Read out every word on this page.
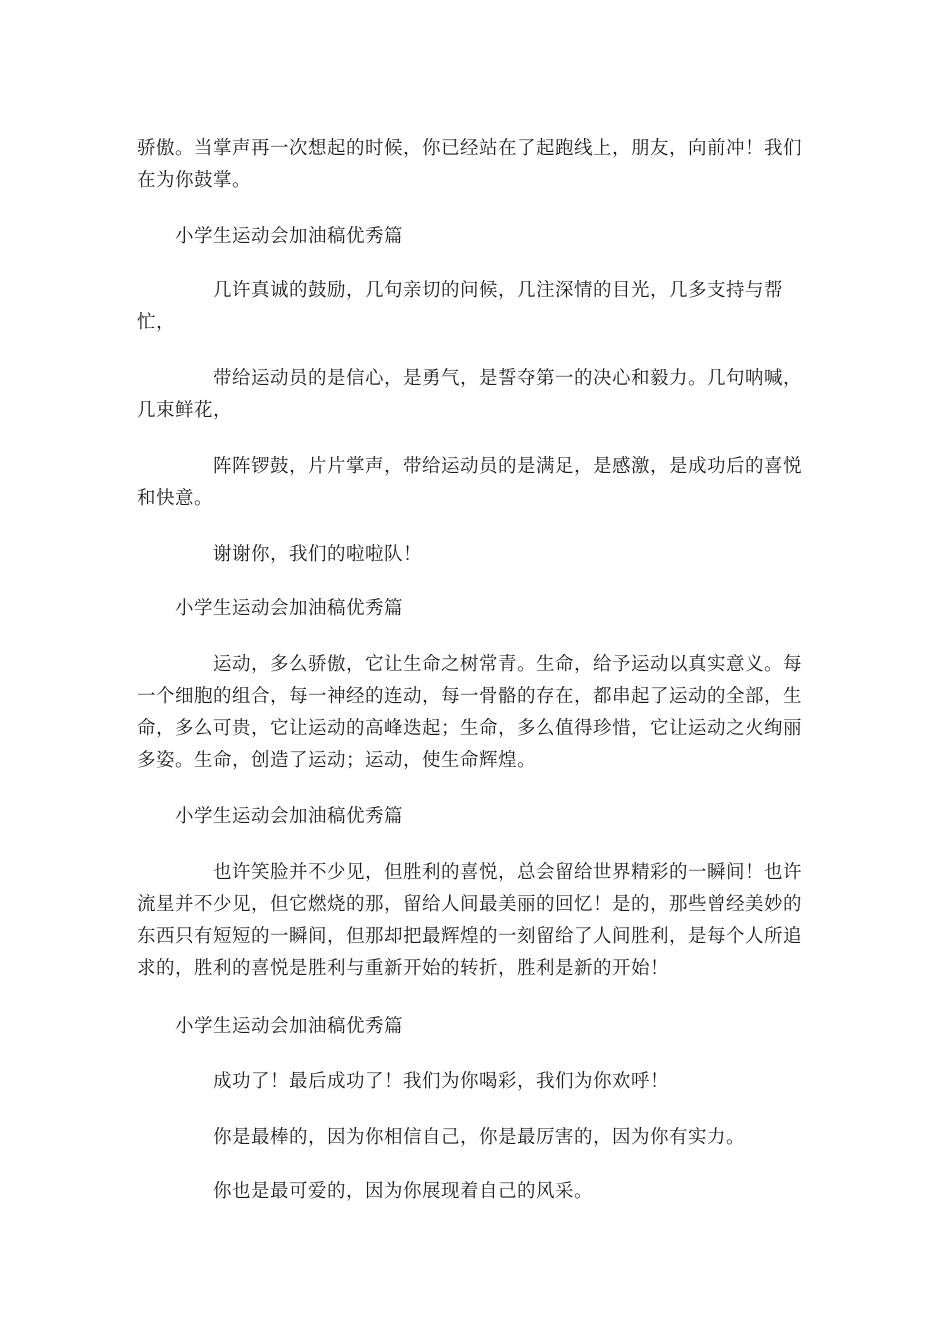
骄傲。当掌声再一次想起的时候，你已经站在了起跑线上，朋友，向前冲！我们在为你鼓掌。

小学生运动会加油稿优秀篇

几许真诚的鼓励，几句亲切的问候，几注深情的目光，几多支持与帮忙，

带给运动员的是信心，是勇气，是誓夺第一的决心和毅力。几句呐喊，几束鲜花，

阵阵锣鼓，片片掌声，带给运动员的是满足，是感激，是成功后的喜悦和快意。

谢谢你，我们的啦啦队！

小学生运动会加油稿优秀篇

运动，多么骄傲，它让生命之树常青。生命，给予运动以真实意义。每一个细胞的组合，每一神经的连动，每一骨骼的存在，都串起了运动的全部，生命，多么可贵，它让运动的高峰迭起；生命，多么值得珍惜，它让运动之火绚丽多姿。生命，创造了运动；运动，使生命辉煌。

小学生运动会加油稿优秀篇

也许笑脸并不少见，但胜利的喜悦，总会留给世界精彩的一瞬间！也许流星并不少见，但它燃烧的那，留给人间最美丽的回忆！是的，那些曾经美妙的东西只有短短的一瞬间，但那却把最辉煌的一刻留给了人间胜利，是每个人所追求的，胜利的喜悦是胜利与重新开始的转折，胜利是新的开始！

小学生运动会加油稿优秀篇

成功了！最后成功了！我们为你喝彩，我们为你欢呼！

你是最棒的，因为你相信自己，你是最厉害的，因为你有实力。

你也是最可爱的，因为你展现着自己的风采。
